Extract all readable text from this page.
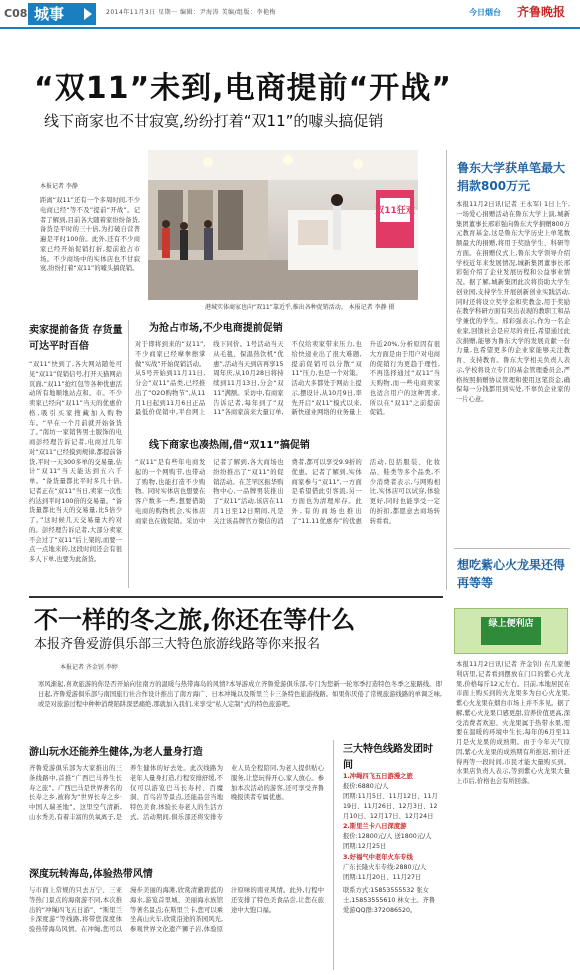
C08 城事	2014年11月3日 星期一 编辑：尹海涛 美编/组版：李艳梅	今日烟台 齐鲁晚报
“双11”未到,电商提前“开战”
线下商家也不甘寂寞,纷纷打着“双11”的噱头搞促销
本报记者 李静
距离“双11”还有一个多周时间,不少电商已经“等不及”提前“开战”。记者了解到,目前各大随着家纷纷备货,备货是平时的三十倍,为打破自营普遍是平时100倍。此外,还有不少商家已经开始促销打折,提前抢占市场。不少商场中的实体店也不甘寂寞,纷纷打着“双11”的噱头搞促销。
双11狂欢
港城实体商家也向“双11”靠近乎,推出各种促销活动。 本报记者 李静 摄
卖家提前备货 存货量可达平时百倍
“双11”快到了,各大网站随处可见“双11”促销信号,打开天猫网站页面,“双11”抢红包等各种优惠活动所有地顺地站点和。市。不少卖家已经向“双11”当天的优惠价格,吸引买家搜藏加入购物车。“早在一个月前就开始备货了。”南坊一家销售男士服饰的电商彭经理告诉记者,电商过几年对“双11”已经摸到规律,都提前备货,平时一天300多单的交易量,估计“双11”当天能达到五六千单。“备货量都比平时多几十倍,记者正在“双11”当日,卖家一次性约达到平时100倍的交易量。“备货量都比当天的交易量,比5倍少了。”这时候几天交易量大约对的。彭经理告诉记者,大部分卖家不会过了“双11”后上架的,而要一点一点地来的,这段时间还会有很多人下单,也要为此备货。
为抢占市场,不少电商提前促销
对于即将到来的“双11”,不少商家已经摩拳擦掌做“实战”开始促销活动。从5号开始到11月11日,分会“双11”品类,已经推出了“O2O购物节”,从11月1日起到11月6日正品最低价促销中,平台网上线下同价。1号活动当天从毛毯、保温热饮机“优惠”,活动当天到店再享15周年庆,从10月28日将持续到11月13日,分会“双11”满额。采访中,有商家告诉记者,每年到了“双11”各商家前来大量订单,不仅给卖家带来压力,也给快递业出了很大难题,提前促销可以分散“双11”压力,也是一个对策。活动大多都处于网站上提示,摆设计,从10月9日,率先开启“双11”模式以来,新快递业网络的业务量上升近20%,分析原因有很大方面是由于用户对电商的促销行为更趋于理性,不再选择通过“双11”当天购物,而一些电商卖家也适合用户的这种需求,所以在“双11”之前提前促销。
线下商家也凑热闹,借“双11”搞促销
“双11”是有些年电商发起的一个网购节,也带动了购物,也能打造不少购物。同时实体店也想要在客户数多一些,想要借助电商的购物机会,实体店商家也在做促销。采访中记者了解到,各大商场也纷纷推出了“双11”的促销活动。在芝罘区振华购物中心,一品牌男装推出了“双11”活动,该店在11月1日至12日期间,凡是关注该品牌官方微信的消费者,都可以享受9.9折的优惠。记者了解到,实体商家参与“双11”,一方面是希望借此引客流,另一方面也为清理库存。此外,有的商场也推出了“11.11优惠券”的优惠活动,包括服装、化妆品、鞋类等多个品类,不少消费者表示,与网购相比,实体店可以试穿,体验更好,同时也能享受一定的折扣,都愿意去商场转转看看。
鲁东大学获单笔最大捐款800万元
本报11月2日讯(记者 王永军) 1日上午,一场爱心捐赠活动在鲁东大学上演,城新集团董事长邢彩强向鲁东大学捐赠800万元教育基金,这是鲁东大学历史上单笔数额最大的捐赠,将用于奖励学生、科研等方面。在捐赠仪式上,鲁东大学领导介绍学校近年来发展情况,城新集团董事长邢彩强介绍了企业发展历程和公益事业情况。据了解,城新集团此次将资助大学生创业园,支持学生开展创新创业实践活动,同时还将设立奖学金和奖教金,用于奖励在教学科研方面有突出表现的教职工和品学兼优的学生。邢彩强表示,作为一名企业家,回馈社会是应尽的责任,希望通过此次捐赠,能够为鲁东大学的发展贡献一份力量,也希望更多的企业家能够关注教育、支持教育。鲁东大学相关负责人表示,学校将设立专门的基金管理委员会,严格按照捐赠协议管理和使用这笔资金,确保每一分钱都用到实处,不辜负企业家的一片心意。
想吃紫心火龙果还得再等等
绿上便利店
本报11月2日讯(记者 齐金钊) 在几家便利店里,记者看到摆放在门口的紫心火龙果,价格每斤12元左右。目前,本地居民在市面上购买到的火龙果多为白心火龙果,紫心火龙果在烟台市场上并不多见。据了解,紫心火龙果口感更甜,营养价值更高,深受消费者欢迎。火龙果属于热带水果,需要在温暖的环境中生长,每年的6月至11月是火龙果的成熟期。由于今年天气原因,紫心火龙果的成熟期有所推迟,预计还得再等一段时间,市民才能大量购买到。水果店负责人表示,等到紫心火龙果大量上市后,价格也会有所回落。
不一样的冬之旅,你还在等什么
本报齐鲁爱游俱乐部三大特色旅游线路等你来报名
本报记者 齐金钊 李婷
寒风渐起,喜欢旅游的你是否开始向往南方的温暖与热带海岛的风情?本导游成立齐鲁爱游俱乐部,专门为您新一轮寒季打造特色冬季之旅路线。即日起,齐鲁爱游俱乐部与南国旅行社合作设计推出了南方海广、日本冲绳以及斯里兰卡三条特色旅游线路。如果你厌倦了常规旅游线路的单调乏味,或是对旅游过程中种种消费陷阱深恶痛绝,那就加入我们,来享受“私人定制”式的特色旅游吧。
游山玩水还能养生健体,为老人量身打造
齐鲁爱游俱乐部为大家推出的三条线路中,首推“广西巴马养生长寿之旅”。广西巴马是世界著名的长寿之乡,被称为“世界长寿之乡·中国人瑞圣地”。这里空气清新,山水秀美,有着丰富的负氧离子,是养生健体的好去处。此次线路为老年人量身打造,行程安排舒缓,不仅可以游览巴马长寿村、百魔洞、百鸟岩等景点,还能品尝当地特色美食,体验长寿老人的生活方式。活动期间,俱乐部还将安排专业人员全程陪同,为老人提供贴心服务,让您玩得开心,家人放心。参加本次活动的游客,还可享受齐鲁晚报读者专属优惠。
深度玩转海岛,体验热带风情
与市面上常规的只去万宁、三亚等热门景点的海南游不同,本次推出的“冲绳四飞五日游”、“斯里兰卡深度游”等线路,将带您深度体验热带海岛风情。在冲绳,您可以漫步美丽的海滩,欣赏清澈碧蓝的海水,游览首里城、美丽海水族馆等著名景点;在斯里兰卡,您可以乘坐高山火车,欣赏沿途的茶园风光,参观世界文化遗产狮子岩,体验原汁原味的南亚风情。此外,行程中还安排了特色美食品尝,让您在旅途中大饱口福。
三大特色线路发团时间
1.冲绳四飞五日游漫之旅
报价:6880元/人
团期:11月5日、11月12日、11月19日、11月26日、12月3日、12月10日、12月17日、12月24日
2.斯里兰卡八日深度游
报价:12800元/人 送1800元/人
团期:12月25日
3.好福气中老年火车专线
广东长隆火车专线:2880元/人
团期:11月20日、11月27日
联系方式:15853555532 张女士,15853555610 林女士。齐鲁爱游QQ群:372086520。
